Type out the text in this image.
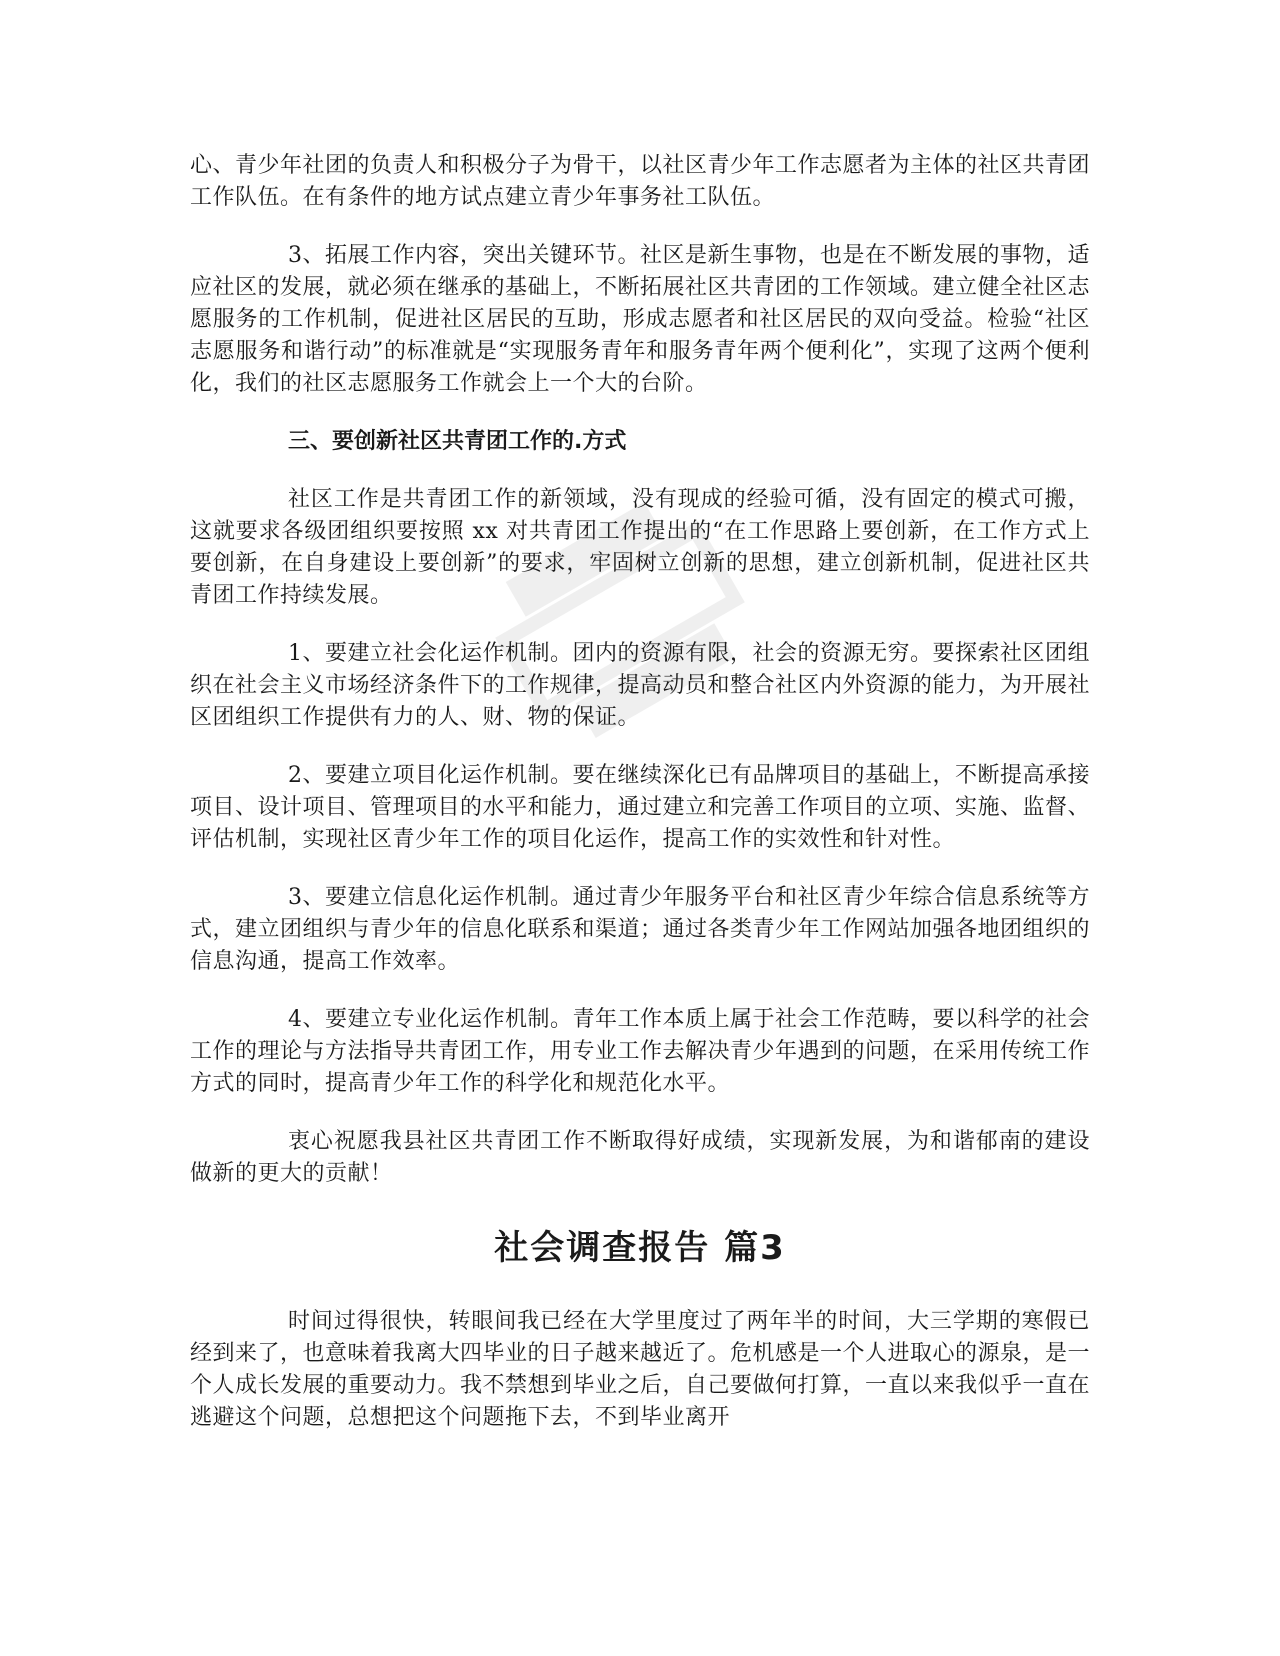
心、青少年社团的负责人和积极分子为骨干，以社区青少年工作志愿者为主体的社区共青团工作队伍。在有条件的地方试点建立青少年事务社工队伍。

3、拓展工作内容，突出关键环节。社区是新生事物，也是在不断发展的事物，适应社区的发展，就必须在继承的基础上，不断拓展社区共青团的工作领域。建立健全社区志愿服务的工作机制，促进社区居民的互助，形成志愿者和社区居民的双向受益。检验“社区志愿服务和谐行动”的标准就是“实现服务青年和服务青年两个便利化”，实现了这两个便利化，我们的社区志愿服务工作就会上一个大的台阶。

三、要创新社区共青团工作的.方式

社区工作是共青团工作的新领域，没有现成的经验可循，没有固定的模式可搬，这就要求各级团组织要按照 xx 对共青团工作提出的“在工作思路上要创新，在工作方式上要创新，在自身建设上要创新”的要求，牢固树立创新的思想，建立创新机制，促进社区共青团工作持续发展。

1、要建立社会化运作机制。团内的资源有限，社会的资源无穷。要探索社区团组织在社会主义市场经济条件下的工作规律，提高动员和整合社区内外资源的能力，为开展社区团组织工作提供有力的人、财、物的保证。

2、要建立项目化运作机制。要在继续深化已有品牌项目的基础上，不断提高承接项目、设计项目、管理项目的水平和能力，通过建立和完善工作项目的立项、实施、监督、评估机制，实现社区青少年工作的项目化运作，提高工作的实效性和针对性。

3、要建立信息化运作机制。通过青少年服务平台和社区青少年综合信息系统等方式，建立团组织与青少年的信息化联系和渠道；通过各类青少年工作网站加强各地团组织的信息沟通，提高工作效率。

4、要建立专业化运作机制。青年工作本质上属于社会工作范畴，要以科学的社会工作的理论与方法指导共青团工作，用专业工作去解决青少年遇到的问题，在采用传统工作方式的同时，提高青少年工作的科学化和规范化水平。

衷心祝愿我县社区共青团工作不断取得好成绩，实现新发展，为和谐郁南的建设做新的更大的贡献！

社会调查报告 篇3

时间过得很快，转眼间我已经在大学里度过了两年半的时间，大三学期的寒假已经到来了，也意味着我离大四毕业的日子越来越近了。危机感是一个人进取心的源泉，是一个人成长发展的重要动力。我不禁想到毕业之后，自己要做何打算，一直以来我似乎一直在逃避这个问题，总想把这个问题拖下去，不到毕业离开
